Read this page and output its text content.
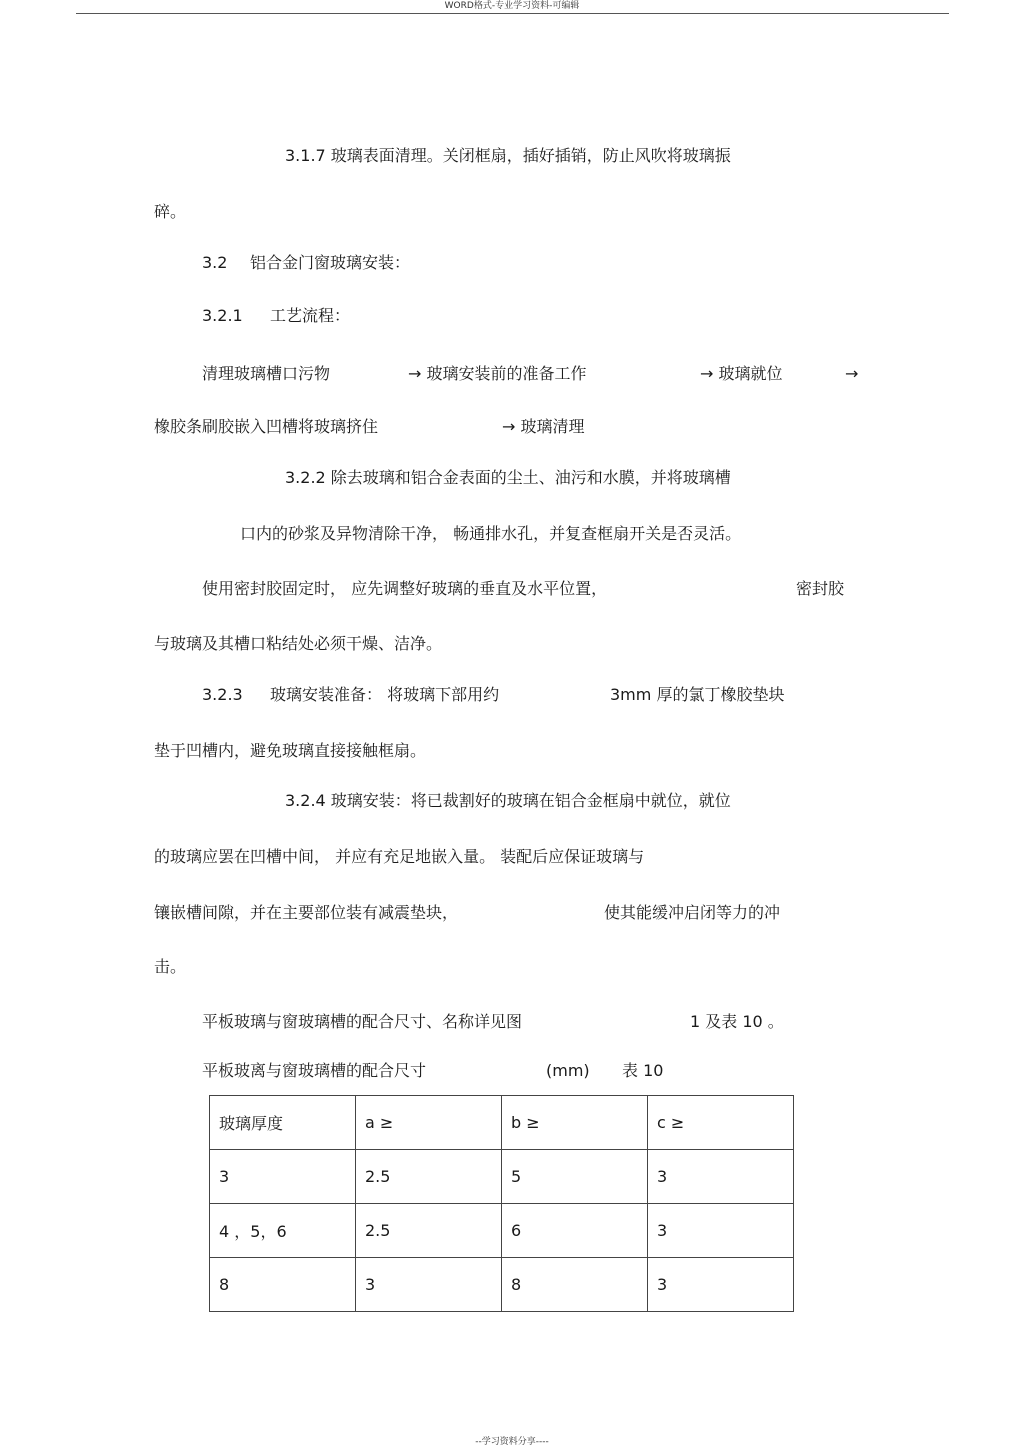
WORD格式-专业学习资料-可编辑
3.1.7 玻璃表面清理。关闭框扇，插好插销，防止风吹将玻璃振
碎。
3.2 铝合金门窗玻璃安装：
3.2.1 工艺流程：
清理玻璃槽口污物	→ 玻璃安装前的准备工作	→ 玻璃就位	→
橡胶条刷胶嵌入凹槽将玻璃挤住	→ 玻璃清理
3.2.2 除去玻璃和铝合金表面的尘土、油污和水膜，并将玻璃槽
口内的砂浆及异物清除干净， 畅通排水孔，并复查框扇开关是否灵活。
使用密封胶固定时， 应先调整好玻璃的垂直及水平位置，	密封胶
与玻璃及其槽口粘结处必须干燥、洁净。
3.2.3 玻璃安装准备： 将玻璃下部用约	3mm 厚的氯丁橡胶垫块
垫于凹槽内，避免玻璃直接接触框扇。
3.2.4 玻璃安装：将已裁割好的玻璃在铝合金框扇中就位，就位
的玻璃应罢在凹槽中间， 并应有充足地嵌入量。 装配后应保证玻璃与
镶嵌槽间隙，并在主要部位装有减震垫块，	使其能缓冲启闭等力的冲
击。
平板玻璃与窗玻璃槽的配合尺寸、名称详见图	1 及表 10 。
平板玻离与窗玻璃槽的配合尺寸	(mm) 表 10
玻璃厚度	a ≥	b ≥	c ≥
3	2.5	5	3
4 ，5，6	2.5	6	3
8	3	8	3
--学习资料分享----
